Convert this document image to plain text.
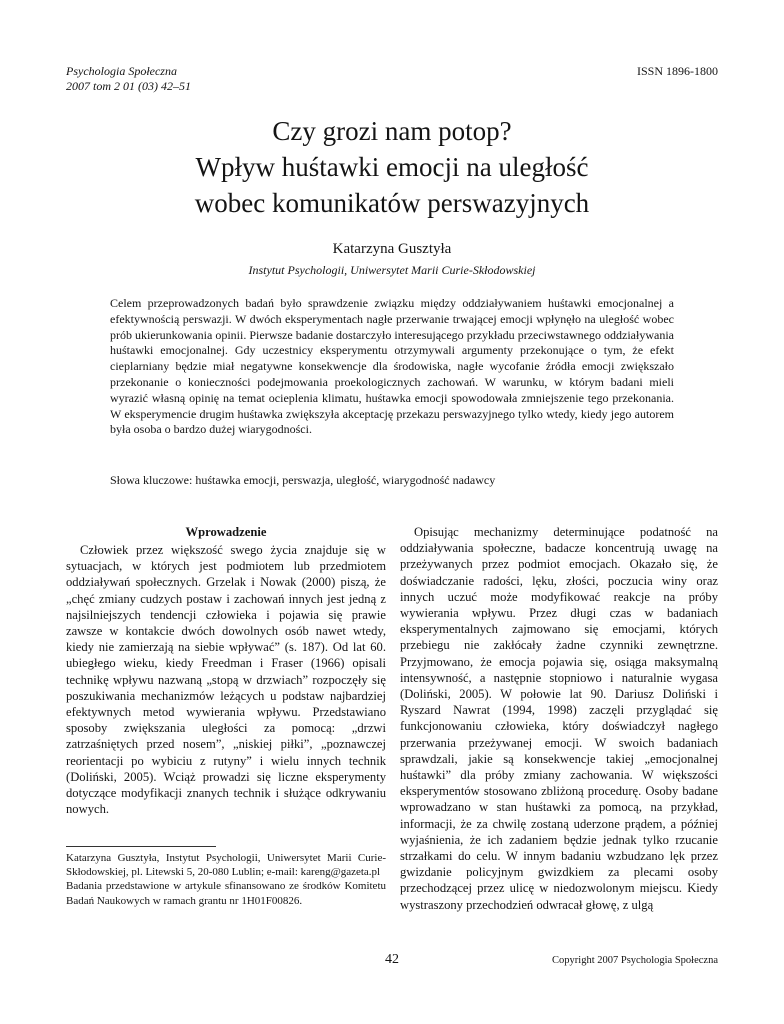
Psychologia Społeczna
2007 tom 2 01 (03) 42–51
ISSN 1896-1800
Czy grozi nam potop?
Wpływ huśtawki emocji na uległość
wobec komunikatów perswazyjnych
Katarzyna Gusztyła
Instytut Psychologii, Uniwersytet Marii Curie-Skłodowskiej
Celem przeprowadzonych badań było sprawdzenie związku między oddziaływaniem huśtawki emocjonalnej a efektywnością perswazji. W dwóch eksperymentach nagłe przerwanie trwającej emocji wpłynęło na uległość wobec prób ukierunkowania opinii. Pierwsze badanie dostarczyło interesującego przykładu przeciwstawnego oddziaływania huśtawki emocjonalnej. Gdy uczestnicy eksperymentu otrzymywali argumenty przekonujące o tym, że efekt cieplarniany będzie miał negatywne konsekwencje dla środowiska, nagłe wycofanie źródła emocji zwiększało przekonanie o konieczności podejmowania proekologicznych zachowań. W warunku, w którym badani mieli wyrazić własną opinię na temat ocieplenia klimatu, huśtawka emocji spowodowała zmniejszenie tego przekonania. W eksperymencie drugim huśtawka zwiększyła akceptację przekazu perswazyjnego tylko wtedy, kiedy jego autorem była osoba o bardzo dużej wiarygodności.
Słowa kluczowe: huśtawka emocji, perswazja, uległość, wiarygodność nadawcy
Wprowadzenie

Człowiek przez większość swego życia znajduje się w sytuacjach, w których jest podmiotem lub przedmiotem oddziaływań społecznych. Grzelak i Nowak (2000) piszą, że „chęć zmiany cudzych postaw i zachowań innych jest jedną z najsilniejszych tendencji człowieka i pojawia się prawie zawsze w kontakcie dwóch dowolnych osób nawet wtedy, kiedy nie zamierzają na siebie wpływać” (s. 187). Od lat 60. ubiegłego wieku, kiedy Freedman i Fraser (1966) opisali technikę wpływu nazwaną „stopą w drzwiach” rozpoczęły się poszukiwania mechanizmów leżących u podstaw najbardziej efektywnych metod wywierania wpływu. Przedstawiano sposoby zwiększania uległości za pomocą: „drzwi zatrzaśniętych przed nosem”, „niskiej piłki”, „poznawczej reorientacji po wybiciu z rutyny” i wielu innych technik (Doliński, 2005). Wciąż prowadzi się liczne eksperymenty dotyczące modyfikacji znanych technik i służące odkrywaniu nowych.

Opisując mechanizmy determinujące podatność na oddziaływania społeczne, badacze koncentrują uwagę na przeżywanych przez podmiot emocjach. Okazało się, że doświadczanie radości, lęku, złości, poczucia winy oraz innych uczuć może modyfikować reakcje na próby wywierania wpływu. Przez długi czas w badaniach eksperymentalnych zajmowano się emocjami, których przebiegu nie zakłócały żadne czynniki zewnętrzne. Przyjmowano, że emocja pojawia się, osiąga maksymalną intensywność, a następnie stopniowo i naturalnie wygasa (Doliński, 2005). W połowie lat 90. Dariusz Doliński i Ryszard Nawrat (1994, 1998) zaczęli przyglądać się funkcjonowaniu człowieka, który doświadczył nagłego przerwania przeżywanej emocji. W swoich badaniach sprawdzali, jakie są konsekwencje takiej „emocjonalnej huśtawki” dla próby zmiany zachowania. W większości eksperymentów stosowano zbliżoną procedurę. Osoby badane wprowadzano w stan huśtawki za pomocą, na przykład, informacji, że za chwilę zostaną uderzone prądem, a później wyjaśnienia, że ich zadaniem będzie jednak tylko rzucanie strzałkami do celu. W innym badaniu wzbudzano lęk przez gwizdanie policyjnym gwizdkiem za plecami osoby przechodzącej przez ulicę w niedozwolonym miejscu. Kiedy wystraszony przechodzień odwracał głowę, z ulgą

Katarzyna Gusztyła, Instytut Psychologii, Uniwersytet Marii Curie-Skłodowskiej, pl. Litewski 5, 20-080 Lublin; e-mail: kareng@gazeta.pl

Badania przedstawione w artykule sfinansowano ze środków Komitetu Badań Naukowych w ramach grantu nr 1H01F00826.

42	Copyright 2007 Psychologia Społeczna
